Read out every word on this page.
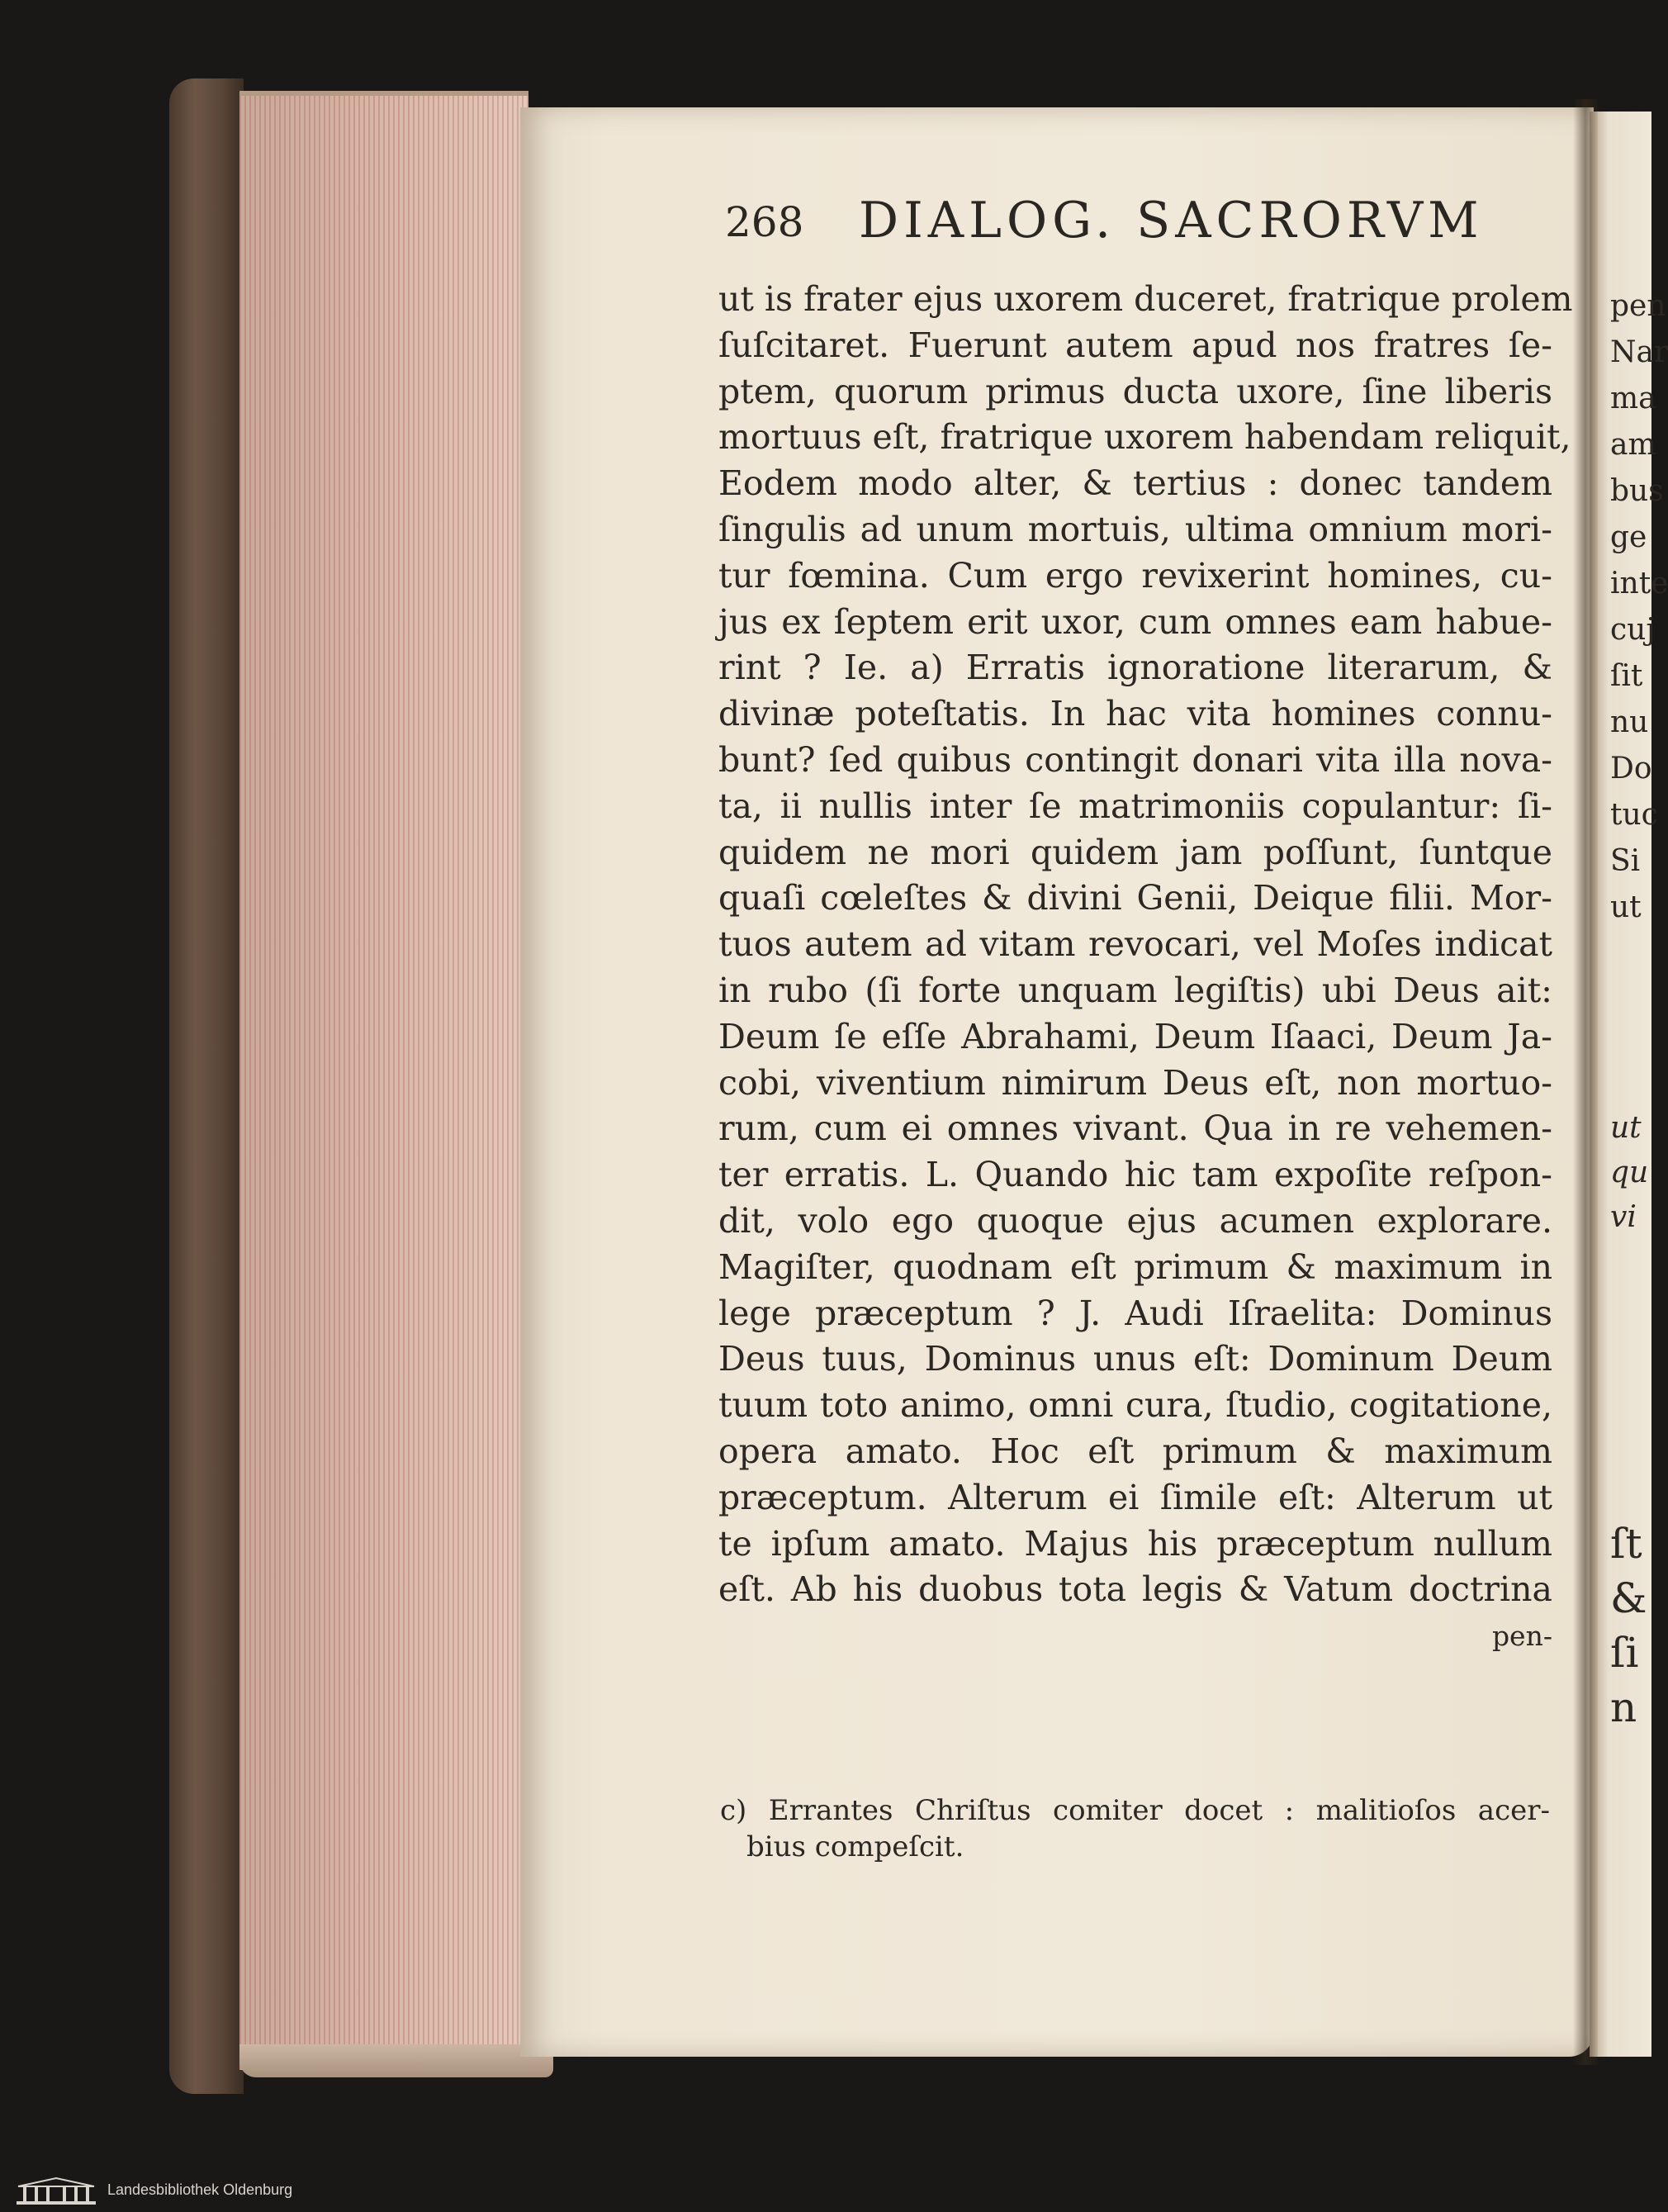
268 DIALOG. SACRORVM
ut is frater ejus uxorem duceret, fratrique prolem
ſuſcitaret. Fuerunt autem apud nos fratres ſe-
ptem, quorum primus ducta uxore, ſine liberis
mortuus eſt, fratrique uxorem habendam reliquit,
Eodem modo alter, & tertius : donec tandem
ſingulis ad unum mortuis, ultima omnium mori-
tur fœmina. Cum ergo revixerint homines, cu-
jus ex ſeptem erit uxor, cum omnes eam habue-
rint ? Ie. a) Erratis ignoratione literarum, &
divinæ poteſtatis. In hac vita homines connu-
bunt? ſed quibus contingit donari vita illa nova-
ta, ii nullis inter ſe matrimoniis copulantur: ſi-
quidem ne mori quidem jam poſſunt, ſuntque
quaſi cœleſtes & divini Genii, Deique filii. Mor-
tuos autem ad vitam revocari, vel Moſes indicat
in rubo (ſi forte unquam legiſtis) ubi Deus ait:
Deum ſe eſſe Abrahami, Deum Iſaaci, Deum Ja-
cobi, viventium nimirum Deus eſt, non mortuo-
rum, cum ei omnes vivant. Qua in re vehemen-
ter erratis. L. Quando hic tam expoſite reſpon-
dit, volo ego quoque ejus acumen explorare.
Magiſter, quodnam eſt primum & maximum in
lege præceptum ? J. Audi Iſraelita: Dominus
Deus tuus, Dominus unus eſt: Dominum Deum
tuum toto animo, omni cura, ſtudio, cogitatione,
opera amato. Hoc eſt primum & maximum
præceptum. Alterum ei ſimile eſt: Alterum ut
te ipſum amato. Majus his præceptum nullum
eſt. Ab his duobus tota legis & Vatum doctrina
pen-
c) Errantes Chriſtus comiter docet : malitioſos acer-
bius compeſcit.
pen
Nar
ma
am
bus
ge
inte
cuj
ſit
nu
Do
tuc
Si
ut
ut
qu
vi
ſt
&
ſi
n
Landesbibliothek Oldenburg
